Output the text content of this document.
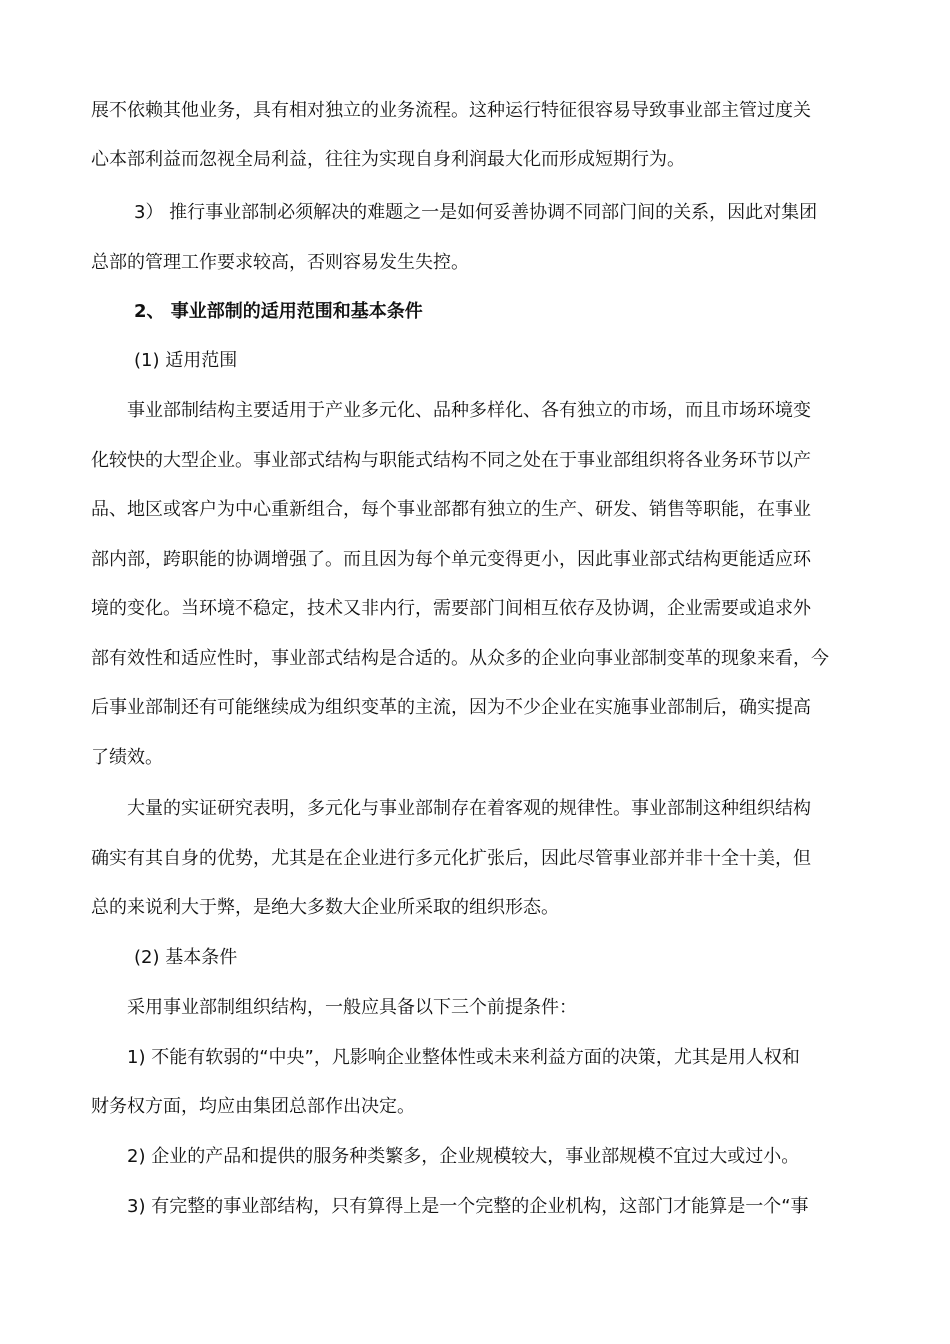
展不依赖其他业务，具有相对独立的业务流程。这种运行特征很容易导致事业部主管过度关
心本部利益而忽视全局利益，往往为实现自身利润最大化而形成短期行为。
3） 推行事业部制必须解决的难题之一是如何妥善协调不同部门间的关系，因此对集团
总部的管理工作要求较高，否则容易发生失控。
2、 事业部制的适用范围和基本条件
(1) 适用范围
事业部制结构主要适用于产业多元化、品种多样化、各有独立的市场，而且市场环境变
化较快的大型企业。事业部式结构与职能式结构不同之处在于事业部组织将各业务环节以产
品、地区或客户为中心重新组合，每个事业部都有独立的生产、研发、销售等职能，在事业
部内部，跨职能的协调增强了。而且因为每个单元变得更小，因此事业部式结构更能适应环
境的变化。当环境不稳定，技术又非内行，需要部门间相互依存及协调，企业需要或追求外
部有效性和适应性时，事业部式结构是合适的。从众多的企业向事业部制变革的现象来看，今
后事业部制还有可能继续成为组织变革的主流，因为不少企业在实施事业部制后，确实提高
了绩效。
大量的实证研究表明，多元化与事业部制存在着客观的规律性。事业部制这种组织结构
确实有其自身的优势，尤其是在企业进行多元化扩张后，因此尽管事业部并非十全十美，但
总的来说利大于弊，是绝大多数大企业所采取的组织形态。
(2) 基本条件
采用事业部制组织结构，一般应具备以下三个前提条件：
1) 不能有软弱的“中央”，凡影响企业整体性或未来利益方面的决策，尤其是用人权和
财务权方面，均应由集团总部作出决定。
2) 企业的产品和提供的服务种类繁多，企业规模较大，事业部规模不宜过大或过小。
3) 有完整的事业部结构，只有算得上是一个完整的企业机构，这部门才能算是一个“事
